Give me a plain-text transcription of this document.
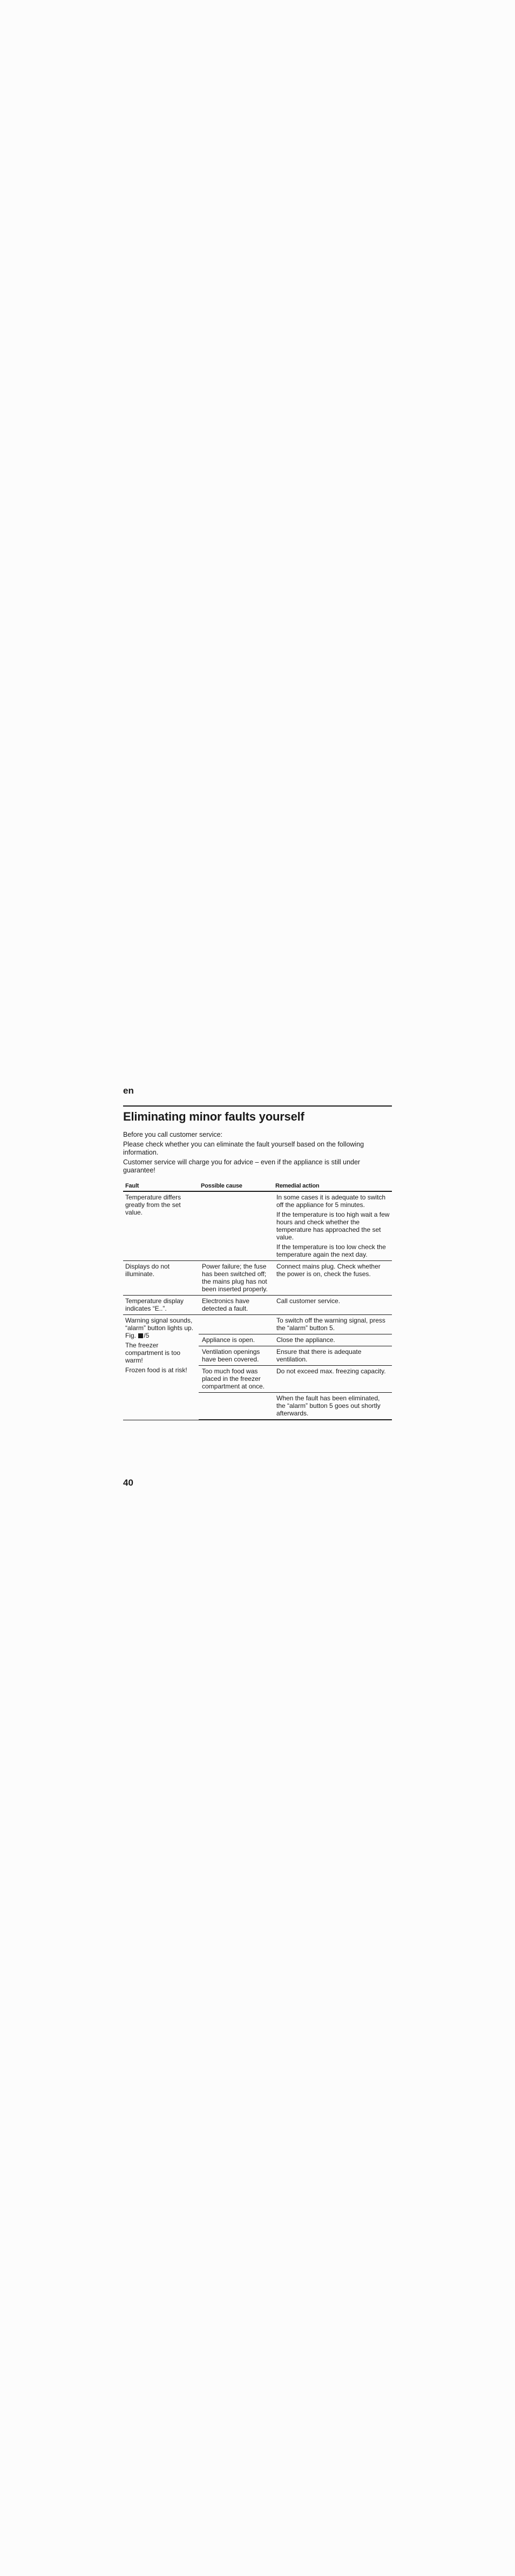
en

Eliminating minor faults yourself

Before you call customer service:

Please check whether you can eliminate the fault yourself based on the following information.

Customer service will charge you for advice – even if the appliance is still under guarantee!

Fault	Possible cause	Remedial action
Temperature differs greatly from the set value.		In some cases it is adequate to switch off the appliance for 5 minutes.

If the temperature is too high wait a few hours and check whether the temperature has approached the set value.

If the temperature is too low check the temperature again the next day.

Displays do not illuminate.	Power failure; the fuse has been switched off; the mains plug has not been inserted properly.	Connect mains plug. Check whether the power is on, check the fuses.
Temperature display indicates “E..”.	Electronics have detected a fault.	Call customer service.

Warning signal sounds, “alarm” button lights up. Fig. /5

The freezer compartment is too warm!

Frozen food is at risk!		To switch off the warning signal, press the “alarm” button 5.
	Appliance is open.	Close the appliance.
	Ventilation openings have been covered.	Ensure that there is adequate ventilation.
	Too much food was placed in the freezer compartment at once.	Do not exceed max. freezing capacity.
		When the fault has been eliminated, the “alarm” button 5 goes out shortly afterwards.

40
